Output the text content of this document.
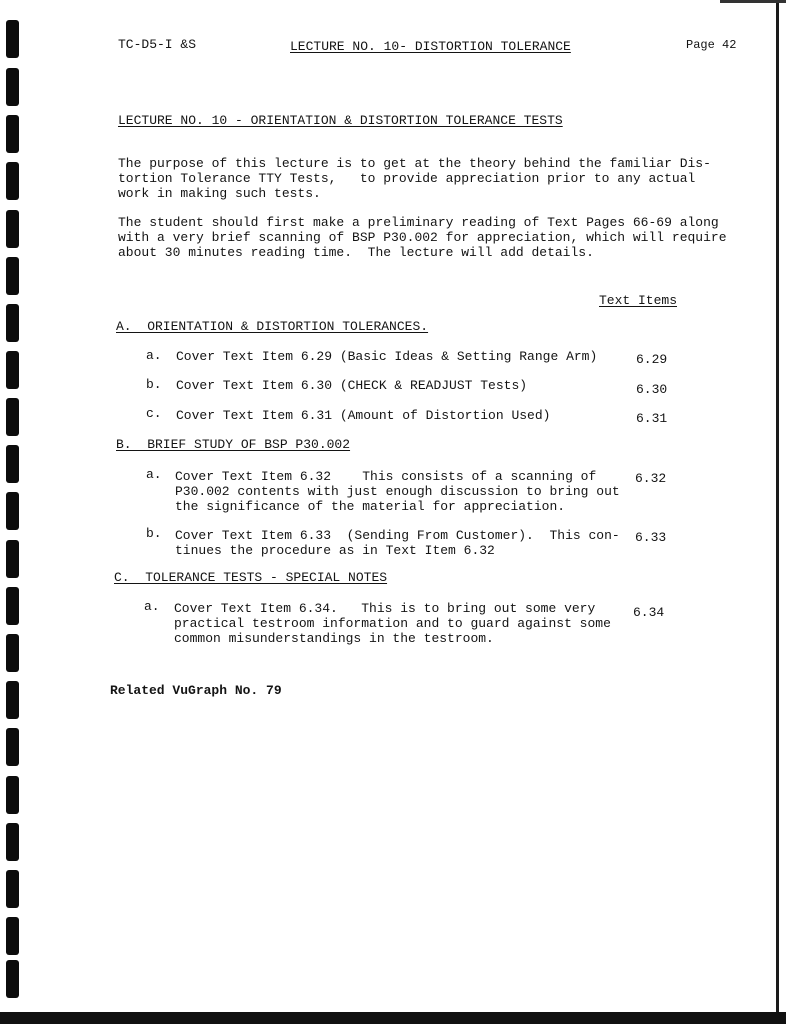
TC-D5-I &S	LECTURE NO. 10- DISTORTION TOLERANCE	Page 42
LECTURE NO. 10 - ORIENTATION & DISTORTION TOLERANCE TESTS
The purpose of this lecture is to get at the theory behind the familiar Dis-
tortion Tolerance TTY Tests,   to provide appreciation prior to any actual
work in making such tests.
The student should first make a preliminary reading of Text Pages 66-69 along
with a very brief scanning of BSP P30.002 for appreciation, which will require
about 30 minutes reading time.  The lecture will add details.
Text Items
A.  ORIENTATION & DISTORTION TOLERANCES.
a. Cover Text Item 6.29 (Basic Ideas & Setting Range Arm)	6.29
b. Cover Text Item 6.30 (CHECK & READJUST Tests)	6.30
c. Cover Text Item 6.31 (Amount of Distortion Used)	6.31
B.  BRIEF STUDY OF BSP P30.002
a. Cover Text Item 6.32    This consists of a scanning of
P30.002 contents with just enough discussion to bring out
the significance of the material for appreciation.
6.32
b. Cover Text Item 6.33  (Sending From Customer).  This con-
tinues the procedure as in Text Item 6.32
6.33
C.  TOLERANCE TESTS - SPECIAL NOTES
a. Cover Text Item 6.34.   This is to bring out some very
practical testroom information and to guard against some
common misunderstandings in the testroom.
6.34
Related VuGraph No. 79
